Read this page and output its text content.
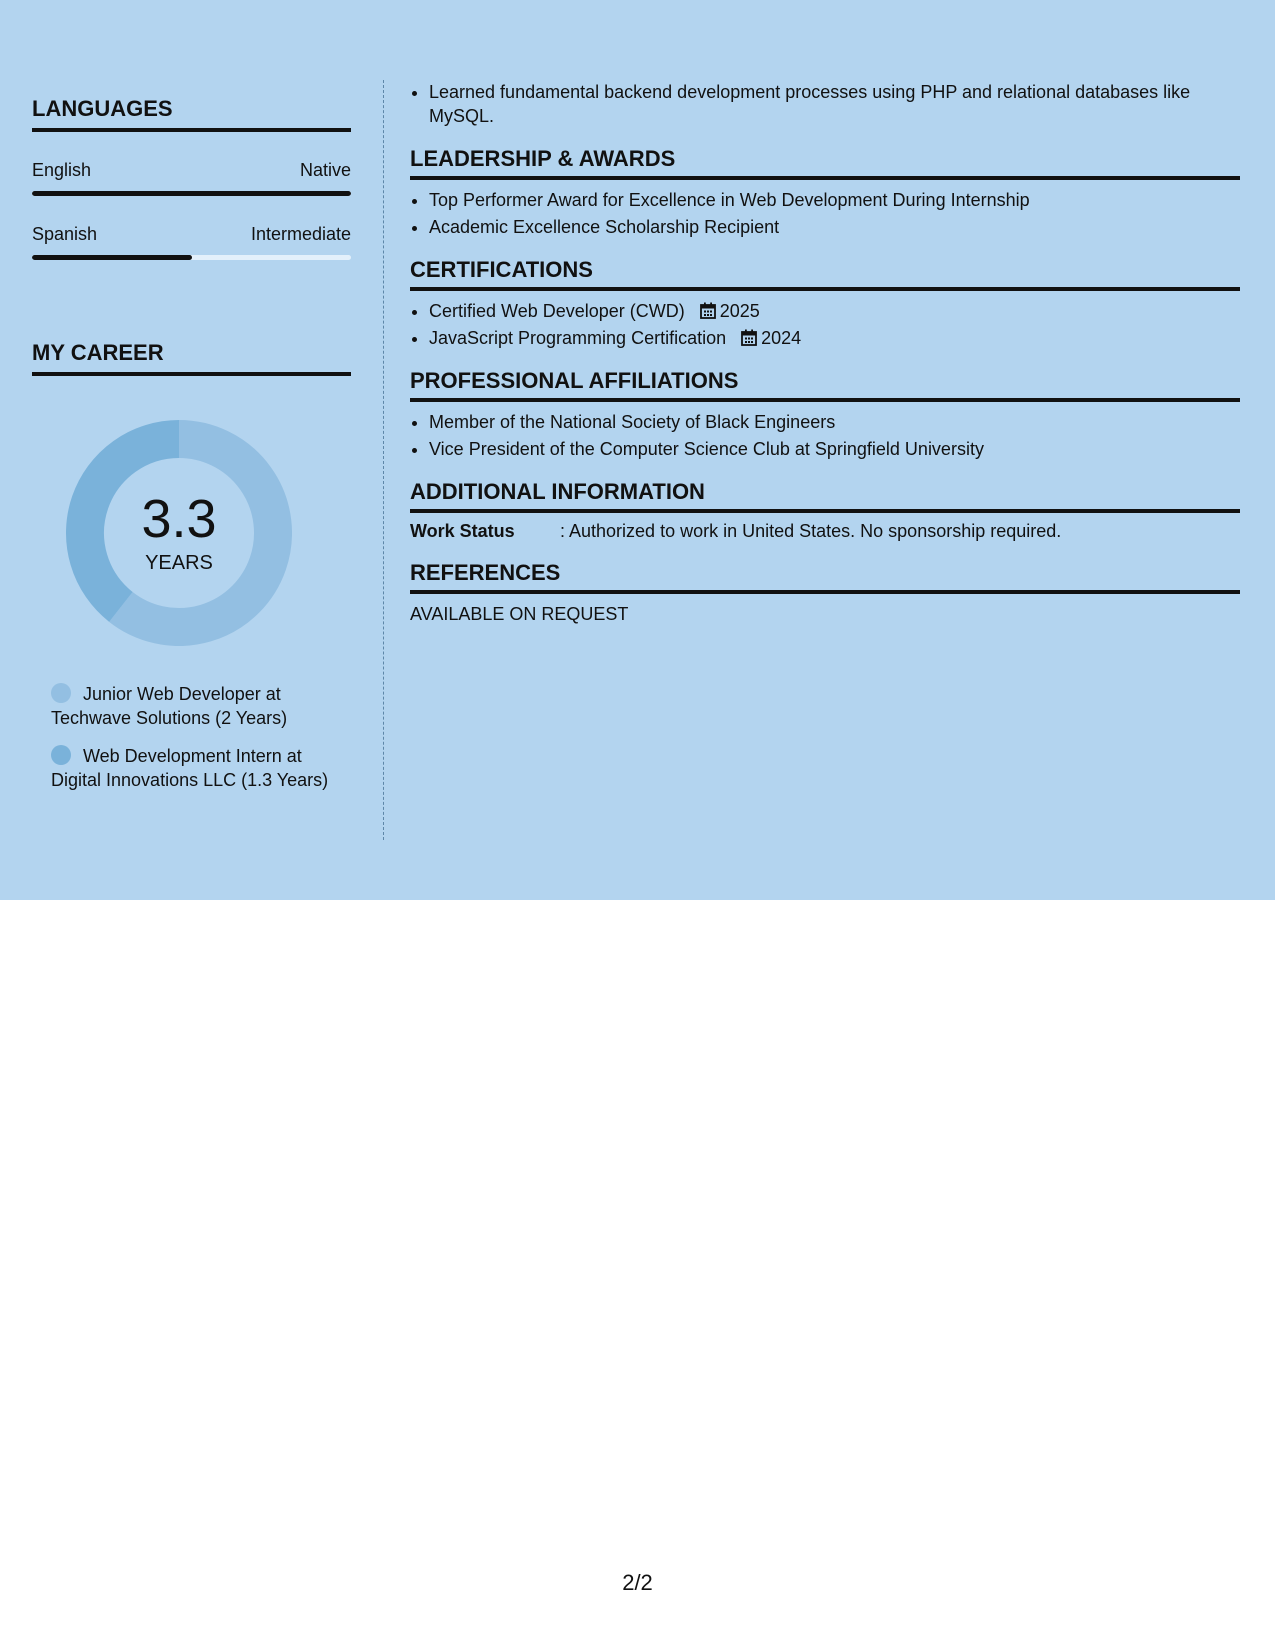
LANGUAGES
English	Native
Spanish	Intermediate
MY CAREER
3.3
YEARS
Junior Web Developer at Techwave Solutions (2 Years)
Web Development Intern at Digital Innovations LLC (1.3 Years)
• Learned fundamental backend development processes using PHP and relational databases like MySQL.
LEADERSHIP & AWARDS
• Top Performer Award for Excellence in Web Development During Internship
• Academic Excellence Scholarship Recipient
CERTIFICATIONS
• Certified Web Developer (CWD) 2025
• JavaScript Programming Certification 2024
PROFESSIONAL AFFILIATIONS
• Member of the National Society of Black Engineers
• Vice President of the Computer Science Club at Springfield University
ADDITIONAL INFORMATION
Work Status	: Authorized to work in United States. No sponsorship required.
REFERENCES
AVAILABLE ON REQUEST
2/2
